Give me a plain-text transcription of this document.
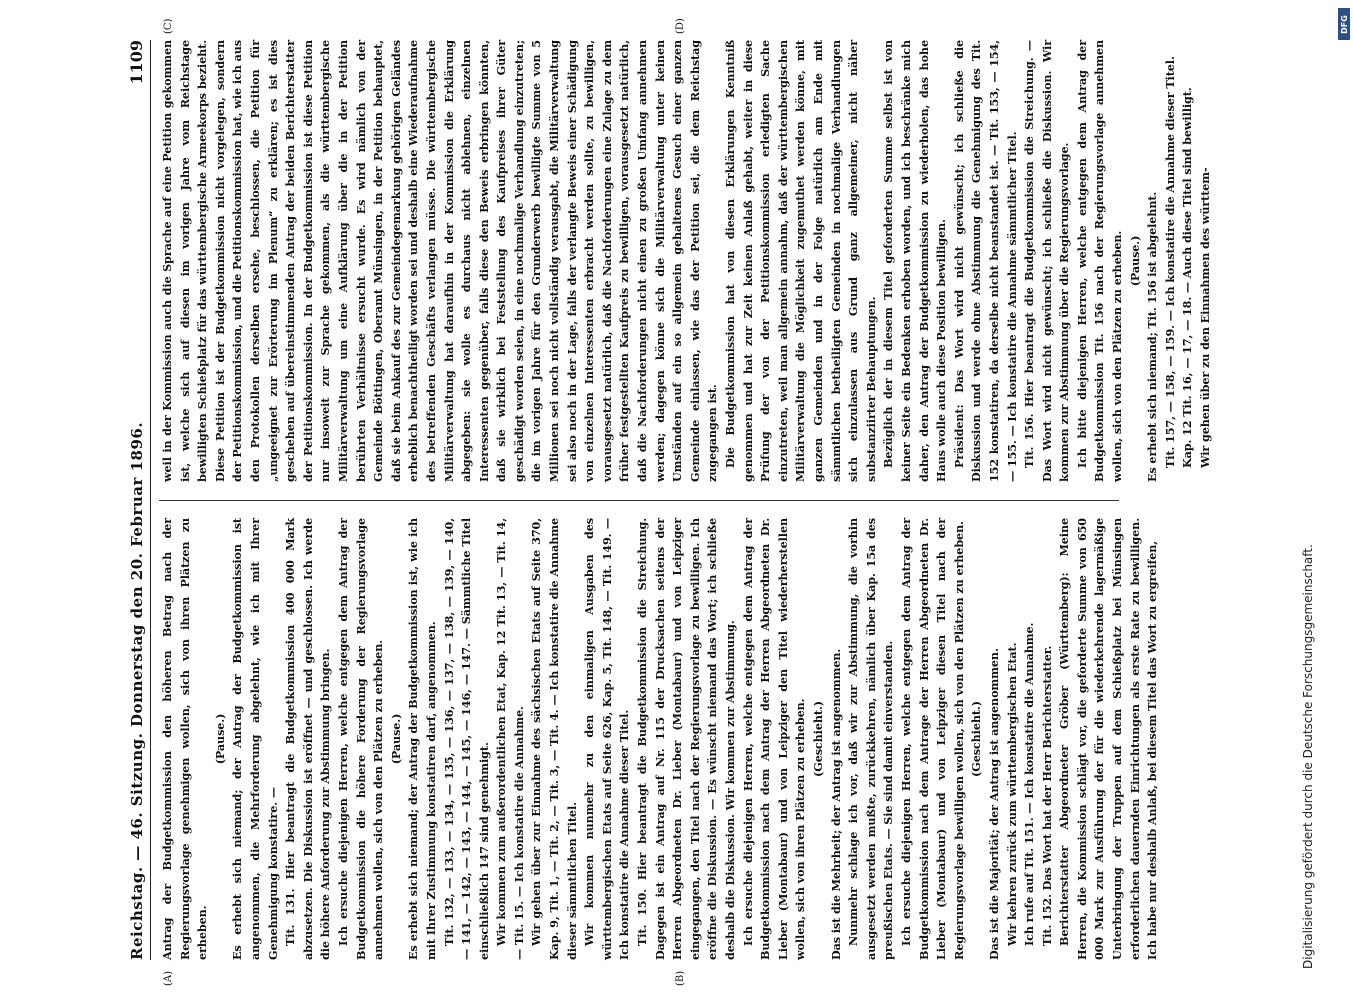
Reichstag. — 46. Sitzung. Donnerstag den 20. Februar 1896.
1109
(A)	(B)
(C)	(D)

Antrag der Budgetkommission den höheren Betrag nach der Regierungsvorlage genehmigen wollen, sich von ihren Plätzen zu erheben.

(Pause.) Es erhebt sich niemand; der Antrag der Budgetkommission ist angenommen, die Mehrforderung abgelehnt, wie ich mit Ihrer Genehmigung konstatire. — Tit. 131. Hier beantragt die Budgetkommission 400 000 Mark abzusetzen. Die Diskussion ist eröffnet — und geschlossen. Ich werde die höhere Anforderung zur Abstimmung bringen. Ich ersuche diejenigen Herren, welche entgegen dem Antrag der Budgetkommission die höhere Forderung der Regierungsvorlage annehmen wollen, sich von den Plätzen zu erheben. (Pause.) Es erhebt sich niemand; der Antrag der Budgetkommission ist, wie ich mit Ihrer Zustimmung konstatiren darf, angenommen. Tit. 132, — 133, — 134, — 135, — 136, — 137, — 138, — 139, — 140, — 141, — 142, — 143, — 144, — 145, — 146, — 147. — Sämmtliche Titel einschließlich 147 sind genehmigt. Wir kommen zum außerordentlichen Etat, Kap. 12 Tit. 13, — Tit. 14, — Tit. 15. — Ich konstatire die Annahme. Wir gehen über zur Einnahme des sächsischen Etats auf Seite 370, Kap. 9, Tit. 1, — Tit. 2, — Tit. 3, — Tit. 4. — Ich konstatire die Annahme dieser sämmtlichen Titel. Wir kommen nunmehr zu den einmaligen Ausgaben des württembergischen Etats auf Seite 626, Kap. 5, Tit. 148, — Tit. 149. — Ich konstatire die Annahme dieser Titel. Tit. 150. Hier beantragt die Budgetkommission die Streichung. Dagegen ist ein Antrag auf Nr. 115 der Drucksachen seitens der Herren Abgeordneten Dr. Lieber (Montabaur) und von Leipziger eingegangen, den Titel nach der Regierungsvorlage zu bewilligen. Ich eröffne die Diskussion. — Es wünscht niemand das Wort; ich schließe deshalb die Diskussion. Wir kommen zur Abstimmung. Ich ersuche diejenigen Herren, welche entgegen dem Antrag der Budgetkommission nach dem Antrag der Herren Abgeordneten Dr. Lieber (Montabaur) und von Leipziger den Titel wiederherstellen wollen, sich von ihren Plätzen zu erheben. (Geschieht.) Das ist die Mehrheit; der Antrag ist angenommen. Nunmehr schlage ich vor, daß wir zur Abstimmung, die vorhin ausgesetzt werden mußte, zurückkehren, nämlich über Kap. 15a des preußischen Etats. — Sie sind damit einverstanden. Ich ersuche diejenigen Herren, welche entgegen dem Antrag der Budgetkommission nach dem Antrage der Herren Abgeordneten Dr. Lieber (Montabaur) und von Leipziger diesen Titel nach der Regierungsvorlage bewilligen wollen, sich von den Plätzen zu erheben. (Geschieht.) Das ist die Majorität; der Antrag ist angenommen. Wir kehren zurück zum württembergischen Etat. Ich rufe auf Tit. 151. — Ich konstatire die Annahme. Tit. 152. Das Wort hat der Herr Berichterstatter. Berichterstatter Abgeordneter Gröber (Württemberg): Meine Herren, die Kommission schlägt vor, die geforderte Summe von 650 000 Mark zur Ausführung der für die wiederkehrende lagermäßige Unterbringung der Truppen auf dem Schießplatz bei Münsingen erforderlichen dauernden Einrichtungen als erste Rate zu bewilligen. Ich habe nur deshalb Anlaß, bei diesem Titel das Wort zu ergreifen,

weil in der Kommission auch die Sprache auf eine Petition gekommen ist, welche sich auf diesen im vorigen Jahre vom Reichstage bewilligten Schießplatz für das württembergische Armeekorps bezieht. Diese Petition ist der Budgetkommission nicht vorgelegen, sondern der Petitionskommission, und die Petitionskommission hat, wie ich aus den Protokollen derselben ersehe, beschlossen, die Petition für „ungeeignet zur Erörterung im Plenum“ zu erklären; es ist dies geschehen auf übereinstimmenden Antrag der beiden Berichterstatter der Petitionskommission. In der Budgetkommission ist diese Petition nur insoweit zur Sprache gekommen, als die württembergische Militärverwaltung um eine Aufklärung über die in der Petition berührten Verhältnisse ersucht wurde. Es wird nämlich von der Gemeinde Böttingen, Oberamt Münsingen, in der Petition behauptet, daß sie beim Ankauf des zur Gemeindegemarkung gehörigen Geländes erheblich benachtheiligt worden sei und deshalb eine Wiederaufnahme des betreffenden Geschäfts verlangen müsse. Die württembergische Militärverwaltung hat daraufhin in der Kommission die Erklärung abgegeben: sie wolle es durchaus nicht ablehnen, einzelnen Interessenten gegenüber, falls diese den Beweis erbringen könnten, daß sie wirklich bei Feststellung des Kaufpreises ihrer Güter geschädigt worden seien, in eine nochmalige Verhandlung einzutreten; die im vorigen Jahre für den Grunderwerb bewilligte Summe von 5 Millionen sei noch nicht vollständig verausgabt, die Militärverwaltung sei also noch in der Lage, falls der verlangte Beweis einer Schädigung von einzelnen Interessenten erbracht werden sollte, zu bewilligen, vorausgesetzt natürlich, daß die Nachforderungen eine Zulage zu dem früher festgestellten Kaufpreis zu bewilligen, vorausgesetzt natürlich, daß die Nachforderungen nicht einen zu großen Umfang annehmen werden; dagegen könne sich die Militärverwaltung unter keinen Umständen auf ein so allgemein gehaltenes Gesuch einer ganzen Gemeinde einlassen, wie das der Petition sei, die dem Reichstag zugegangen ist. Die Budgetkommission hat von diesen Erklärungen Kenntniß genommen und hat zur Zeit keinen Anlaß gehabt, weiter in diese Prüfung der von der Petitionskommission erledigten Sache einzutreten, weil man allgemein annahm, daß der württembergischen Militärverwaltung die Möglichkeit zugemuthet werden könne, mit ganzen Gemeinden und in der Folge natürlich am Ende mit sämmtlichen betheiligten Gemeinden in nochmalige Verhandlungen sich einzulassen aus Grund ganz allgemeiner, nicht näher substanziirter Behauptungen. Bezüglich der in diesem Titel geforderten Summe selbst ist von keiner Seite ein Bedenken erhoben worden, und ich beschränke mich daher, den Antrag der Budgetkommission zu wiederholen, das hohe Haus wolle auch diese Position bewilligen. Präsident: Das Wort wird nicht gewünscht; ich schließe die Diskussion und werde ohne Abstimmung die Genehmigung des Tit. 152 konstatiren, da derselbe nicht beanstandet ist. — Tit. 153, — 154, — 155. — Ich konstatire die Annahme sämmtlicher Titel. Tit. 156. Hier beantragt die Budgetkommission die Streichung. — Das Wort wird nicht gewünscht; ich schließe die Diskussion. Wir kommen zur Abstimmung über die Regierungsvorlage. Ich bitte diejenigen Herren, welche entgegen dem Antrag der Budgetkommission Tit. 156 nach der Regierungsvorlage annehmen wollen, sich von den Plätzen zu erheben. (Pause.) Es erhebt sich niemand; Tit. 156 ist abgelehnt. Tit. 157, — 158, — 159. — Ich konstatire die Annahme dieser Titel. Kap. 12 Tit. 16, — 17, — 18. — Auch diese Titel sind bewilligt. Wir gehen über zu den Einnahmen des württem-

Digitalisierung gefördert durch die Deutsche Forschungsgemeinschaft.
DFG
